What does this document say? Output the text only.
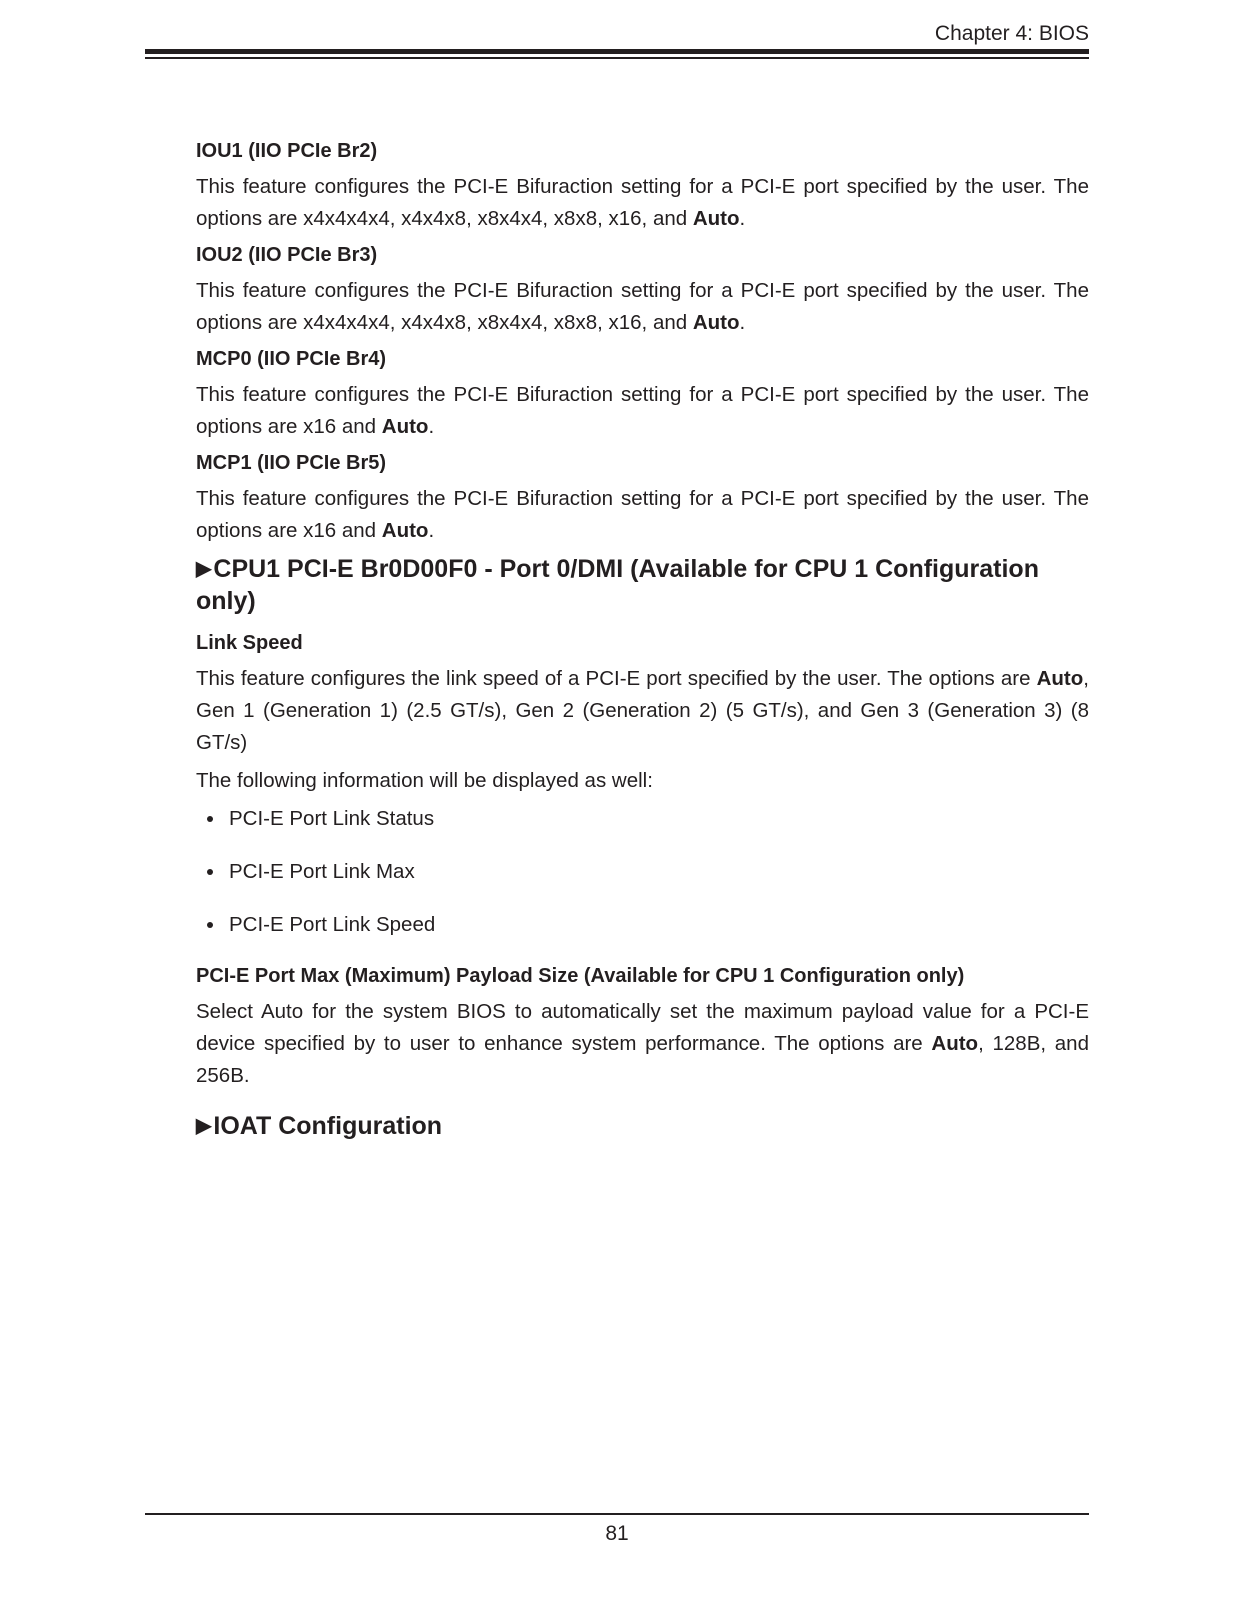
Chapter 4: BIOS
IOU1 (IIO PCIe Br2)

This feature configures the PCI-E Bifuraction setting for a PCI-E port specified by the user. The options are x4x4x4x4, x4x4x8, x8x4x4, x8x8, x16, and Auto.

IOU2 (IIO PCIe Br3)

This feature configures the PCI-E Bifuraction setting for a PCI-E port specified by the user. The options are x4x4x4x4, x4x4x8, x8x4x4, x8x8, x16, and Auto.

MCP0 (IIO PCIe Br4)

This feature configures the PCI-E Bifuraction setting for a PCI-E port specified by the user. The options are x16 and Auto.

MCP1 (IIO PCIe Br5)

This feature configures the PCI-E Bifuraction setting for a PCI-E port specified by the user. The options are x16 and Auto.

▶CPU1 PCI-E Br0D00F0 - Port 0/DMI (Available for CPU 1 Configuration only)
Link Speed

This feature configures the link speed of a PCI-E port specified by the user. The options are Auto, Gen 1 (Generation 1) (2.5 GT/s), Gen 2 (Generation 2) (5 GT/s), and Gen 3 (Generation 3) (8 GT/s)

The following information will be displayed as well:

PCI-E Port Link Status
PCI-E Port Link Max
PCI-E Port Link Speed
PCI-E Port Max (Maximum) Payload Size (Available for CPU 1 Configuration only)

Select Auto for the system BIOS to automatically set the maximum payload value for a PCI-E device specified by to user to enhance system performance. The options are Auto, 128B, and 256B.

▶IOAT Configuration
81
